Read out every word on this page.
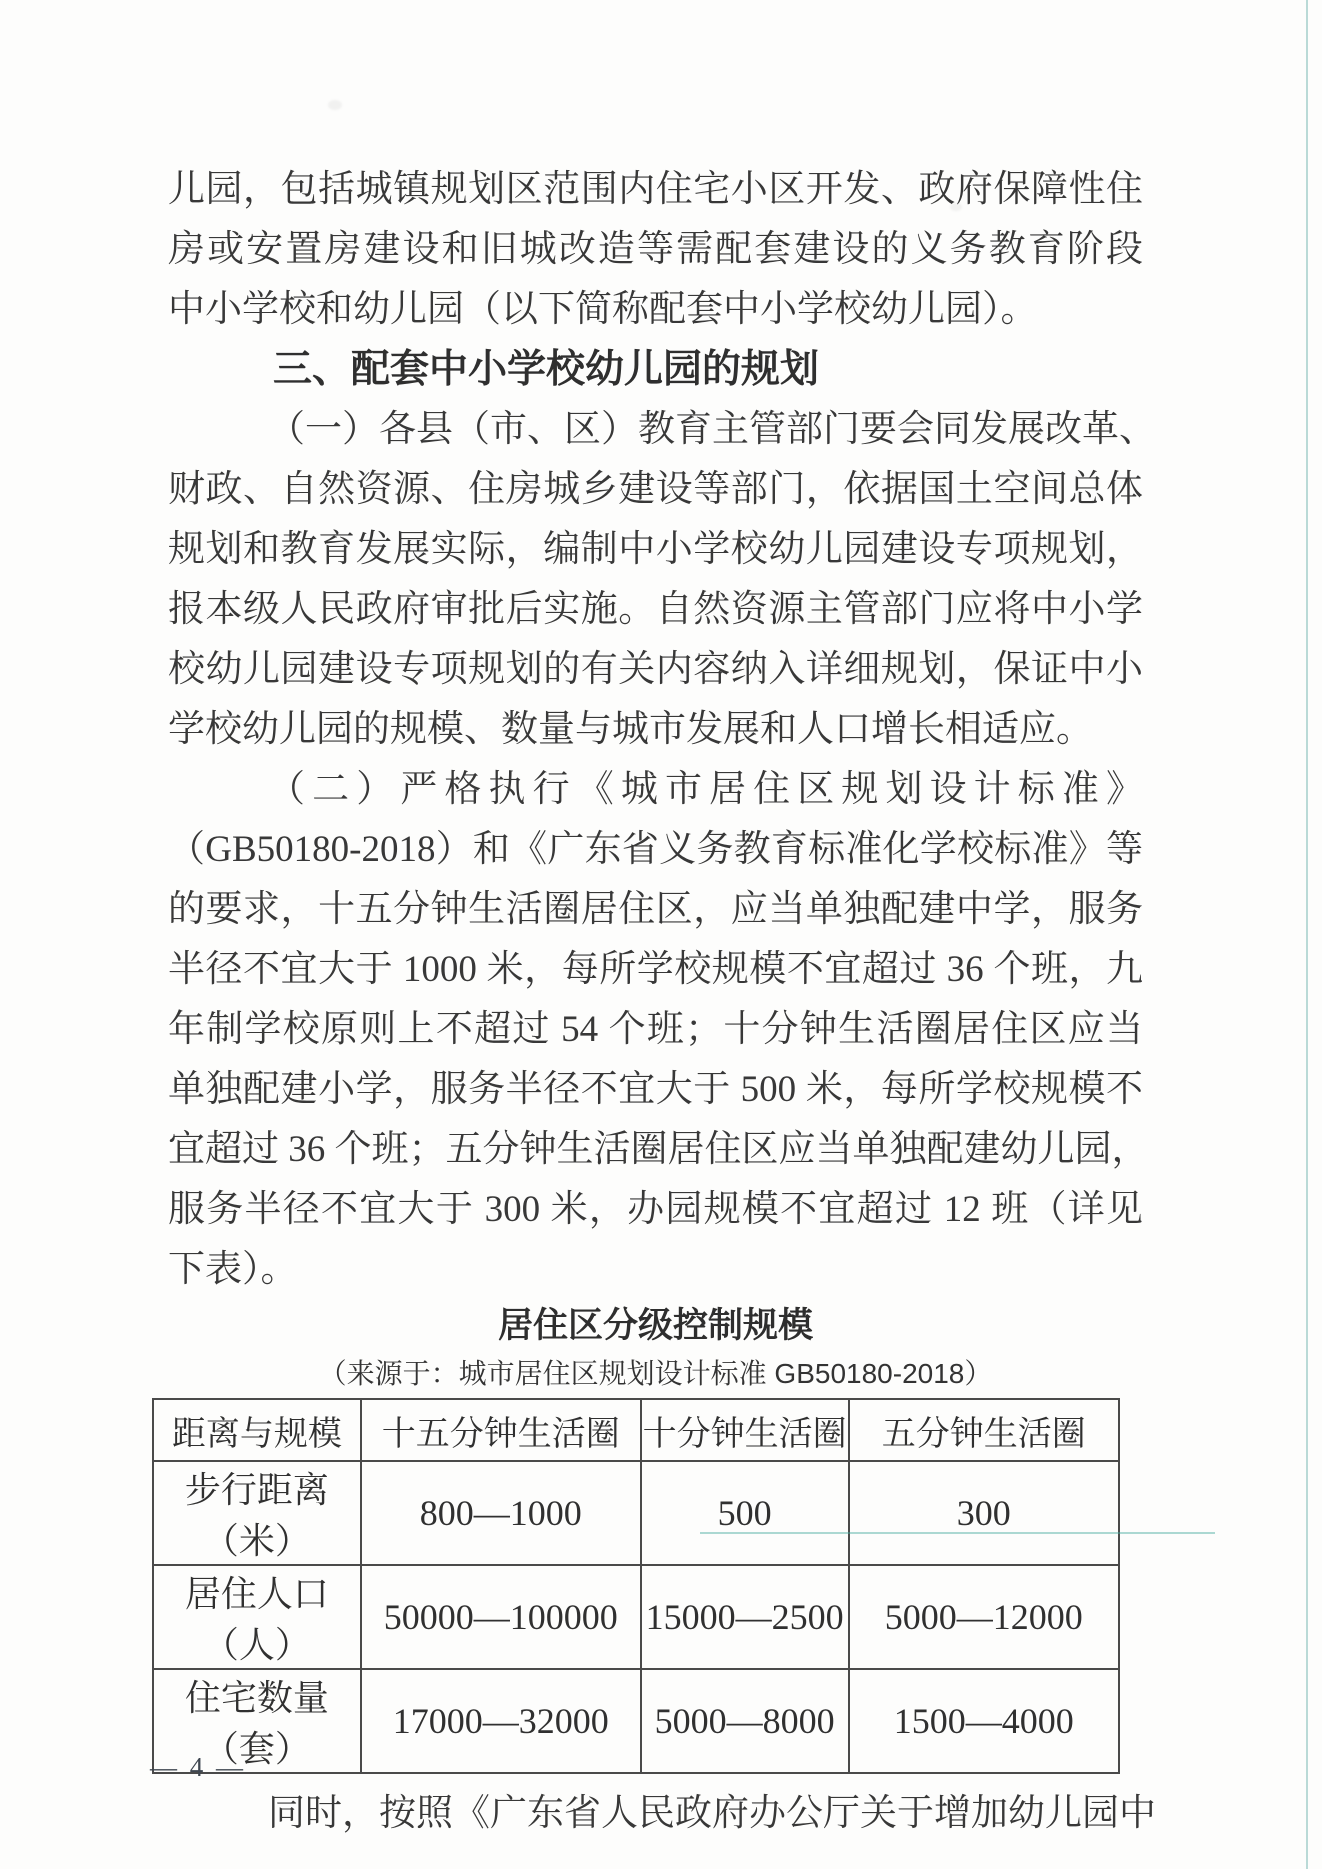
儿园，包括城镇规划区范围内住宅小区开发、政府保障性住
房或安置房建设和旧城改造等需配套建设的义务教育阶段
中小学校和幼儿园（以下简称配套中小学校幼儿园）。
三、配套中小学校幼儿园的规划
（一）各县（市、区）教育主管部门要会同发展改革、
财政、自然资源、住房城乡建设等部门，依据国土空间总体
规划和教育发展实际，编制中小学校幼儿园建设专项规划，
报本级人民政府审批后实施。自然资源主管部门应将中小学
校幼儿园建设专项规划的有关内容纳入详细规划，保证中小
学校幼儿园的规模、数量与城市发展和人口增长相适应。
（二）严格执行《城市居住区规划设计标准》
（GB50180-2018）和《广东省义务教育标准化学校标准》等
的要求，十五分钟生活圈居住区，应当单独配建中学，服务
半径不宜大于 1000 米，每所学校规模不宜超过 36 个班，九
年制学校原则上不超过 54 个班；十分钟生活圈居住区应当
单独配建小学，服务半径不宜大于 500 米，每所学校规模不
宜超过 36 个班；五分钟生活圈居住区应当单独配建幼儿园，
服务半径不宜大于 300 米，办园规模不宜超过 12 班（详见
下表）。
居住区分级控制规模
（来源于：城市居住区规划设计标准 GB50180-2018）
距离与规模	十五分钟生活圈	十分钟生活圈	五分钟生活圈
步行距离（米）	800—1000	500	300
居住人口（人）	50000—100000	15000—2500	5000—12000
住宅数量（套）	17000—32000	5000—8000	1500—4000
同时，按照《广东省人民政府办公厅关于增加幼儿园中
— 4 —
